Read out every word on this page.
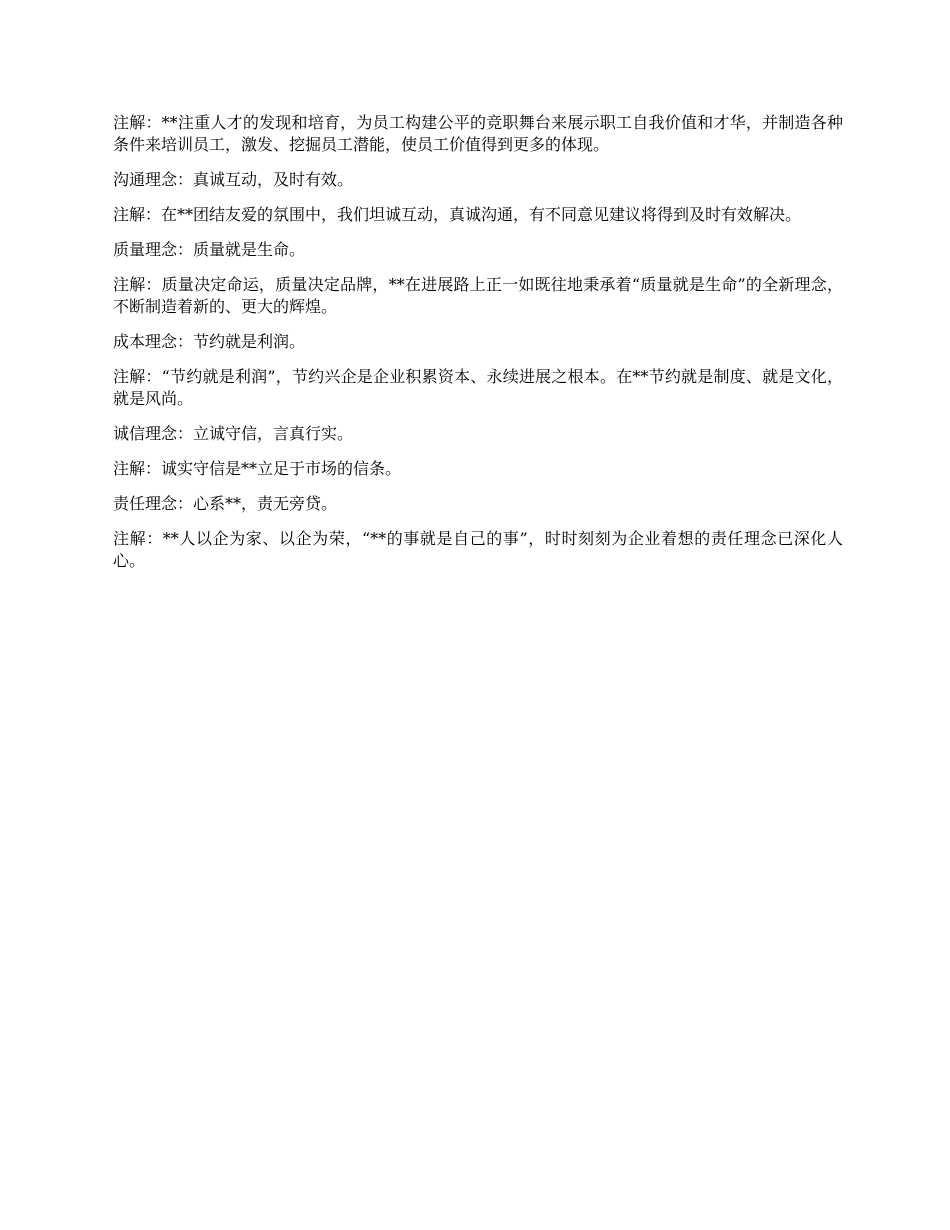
注解：**注重人才的发现和培育，为员工构建公平的竞职舞台来展示职工自我价值和才华，并制造各种条件来培训员工，激发、挖掘员工潜能，使员工价值得到更多的体现。

沟通理念：真诚互动，及时有效。

注解：在**团结友爱的氛围中，我们坦诚互动，真诚沟通，有不同意见建议将得到及时有效解决。

质量理念：质量就是生命。

注解：质量决定命运，质量决定品牌，**在进展路上正一如既往地秉承着“质量就是生命”的全新理念，不断制造着新的、更大的辉煌。

成本理念：节约就是利润。

注解：“节约就是利润”，节约兴企是企业积累资本、永续进展之根本。在**节约就是制度、就是文化，就是风尚。

诚信理念：立诚守信，言真行实。

注解：诚实守信是**立足于市场的信条。

责任理念：心系**，责无旁贷。

注解：**人以企为家、以企为荣，“**的事就是自己的事”，时时刻刻为企业着想的责任理念已深化人心。
